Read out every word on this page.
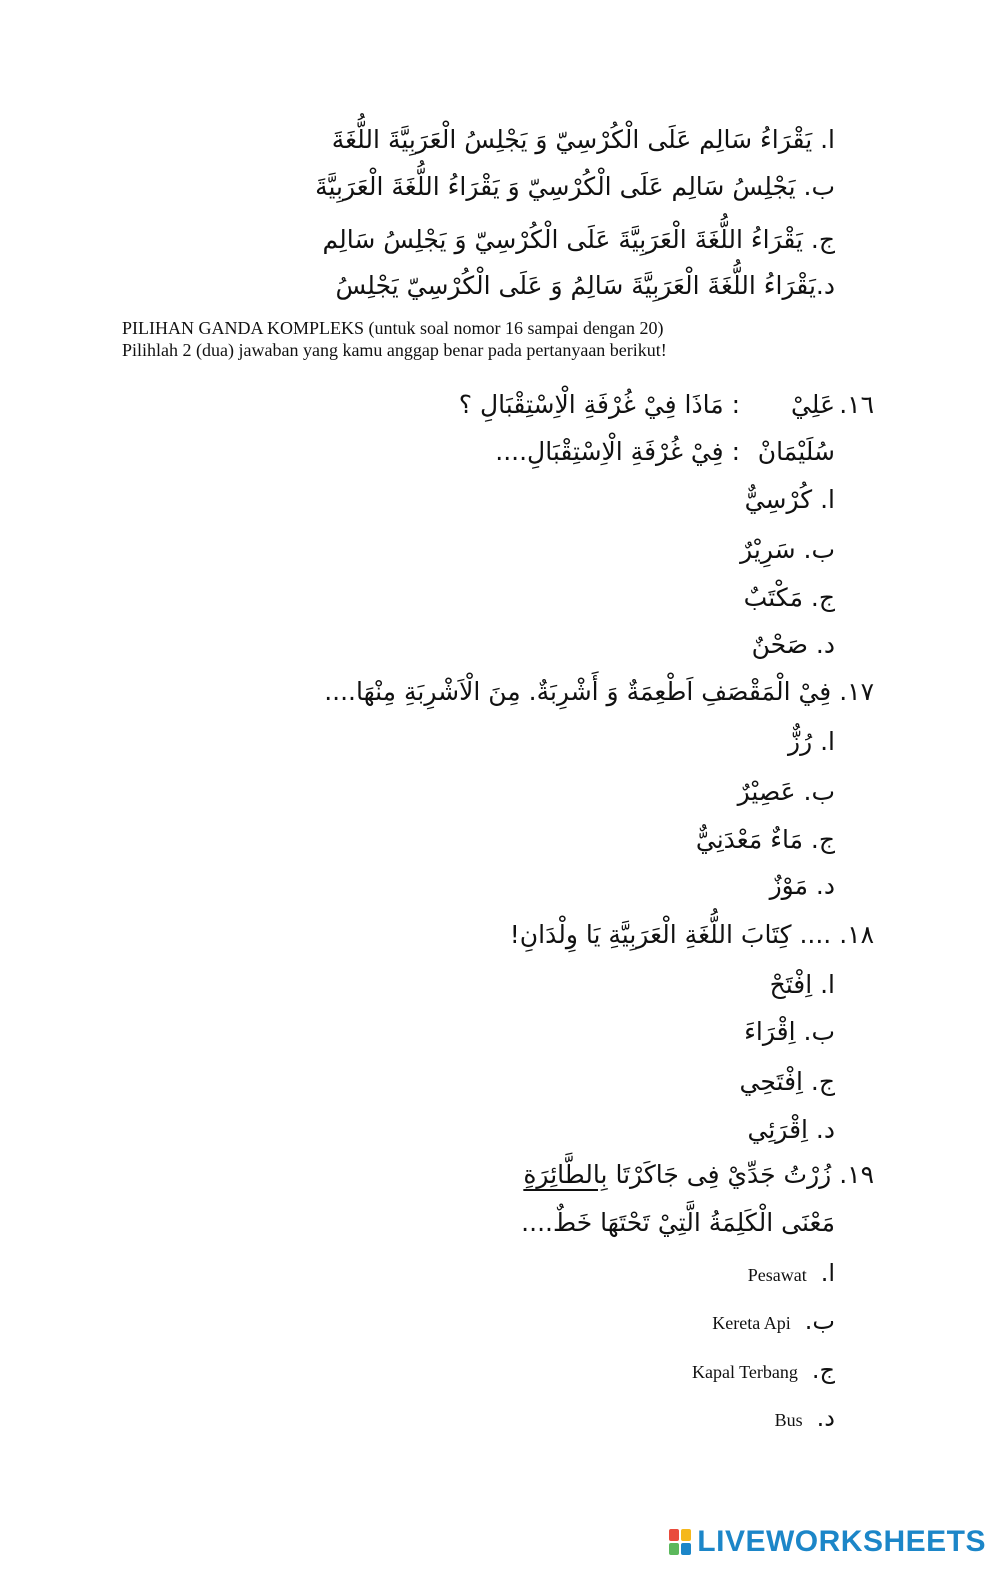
ا. يَقْرَاءُ سَالِم عَلَى الْكُرْسِيّ وَ يَجْلِسُ الْعَرَبِيَّةَ اللُّغَةَ
ب. يَجْلِسُ سَالِم عَلَى الْكُرْسِيّ وَ يَقْرَاءُ اللُّغَةَ الْعَرَبِيَّةَ
ج. يَقْرَاءُ اللُّغَةَ الْعَرَبِيَّةَ عَلَى الْكُرْسِيّ وَ يَجْلِسُ سَالِم
د.يَقْرَاءُ اللُّغَةَ الْعَرَبِيَّةَ سَالِمُ وَ عَلَى الْكُرْسِيّ يَجْلِسُ
PILIHAN GANDA KOMPLEKS (untuk soal nomor 16 sampai dengan 20)
Pilihlah 2 (dua) jawaban yang kamu anggap benar pada pertanyaan berikut!
١٦.
عَلِيْ
: مَاذَا فِيْ غُرْفَةِ الْاِسْتِقْبَالِ ؟
سُلَيْمَانْ
: فِيْ غُرْفَةِ الْاِسْتِقْبَالِ....
ا. كُرْسِيٌّ
ب. سَرِيْرٌ
ج. مَكْتَبٌ
د. صَحْنٌ
١٧. فِيْ الْمَقْصَفِ اَطْعِمَةٌ وَ أَشْرِبَةٌ. مِنَ الْاَشْرِبَةِ مِنْهَا....
ا. رُزٌّ
ب. عَصِيْرٌ
ج. مَاءٌ مَعْدَنِيٌّ
د. مَوْزٌ
١٨. .... كِتَابَ اللُّغَةِ الْعَرَبِيَّةِ يَا وِلْدَانِ!
ا. اِفْتَحْ
ب. اِقْرَاءَ
ج. اِفْتَحِي
د. اِقْرَئِي
١٩. زُرْتُ جَدِّيْ فِى جَاكَرْتَا بِالطَّائِرَةِ
مَعْنَى الْكَلِمَةُ الَّتِيْ تَحْتَهَا خَطٌ....
ا.Pesawat
ب.Kereta Api
ج.Kapal Terbang
د.Bus
LIVEWORKSHEETS
